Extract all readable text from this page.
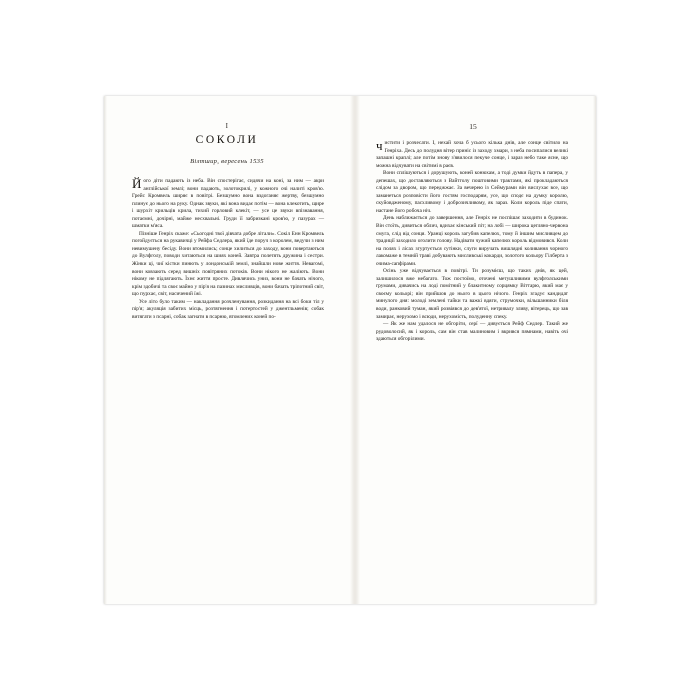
I
СОКОЛИ
Вілтшир, вересень 1535

Його діти падають із неба. Він спостерігає, сидячи на коні, за ним — акри англійської землі; вони падають, золотокрилі, у кожного очі налиті кров'ю. Грейс Кромвель ширяє в повітрі. Безшумно вона вздоганяє жертву, безшумно плинує до нього на руку. Однак звуки, які вона видає потім — вона клекотить, щире і шурхіт крильців крила, тихий горловий клекіт, — усе це звуки впізнавання, потаємні, дочірні, майже несхвальні. Груди її забризкані кров'ю, у пазурах — шматки м'яса.

Пізніше Генріх скаже: «Сьогодні твої дівчата добре літали». Сокіл Енн Кромвель погойдується на рукавичці у Рейфа Седлера, який їде поруч з королем, ведучи з ним невимушену бесіду. Вони втомились; сонце хилиться до заходу, вони повертаються до Вулфголу, поводи хитаються на шиях коней. Завтра полетять дружина і сестри. Жінки ці, чиї кістки пинють у лондонській землі, знайшли нове життя. Невагомі, вони ковзають серед вишніх повітряних потоків. Вони нікого не жаліють. Вони нікому не підлягають. Їхнє життя просте. Дивлячись униз, вони не бачать нічого, крім здобичі та своє майно у пір'я на пазинах мисливців, вони бачать тріпотний світ, що пурхає, світ, насичений їжі.

Усе літо було таким — накладання розчленування, розкидання на всі боки тіл у пір'я; акуляція забитих місць, розтягнення і потертостей у джентльменів; собак витягати з псарні, собак загнати в псарню, втомлених коней по-

15

чистити і розчесати. І, нехай хоча б усього кілька днів, але сонце світило на Генріха. Десь до полудня вітер приніс із заходу хмари, з неба посипалися великі запашні краплі; але потім знову з'явилося пекуче сонце, і зараз небо таке ясне, що можна відчувати на світимі в раєв.

Вони сплішуються і дорушують, коней конюхам, а тоді думки йдуть в папера, у депешах, що доставляються з Вайтголу поштовими трактами, які прокладаються слідом за двором, що переджжає. За вечерею із Сеймурами він вислухає все, що заманеться розповісти його гостям господарям, усе, що сподє на думку королю, скуйовдженому, пасхливому і доброзичливому, як зараз. Коли король піде спати, настане його робоча ніч.

День наближається до завершення, але Генріх не поспішає заходити в будинок. Він стоїть, дивиться облич, вдихає кінський піт; на лобі — широка цегляно-червона смуга, слід від сонця. Уранці король загубив капелюх, тому й іншим мисливцем до традиції заходило оголити голову. Надівати чужий капелюх король відмовився. Коли на полях і лісах згуртується сутінки, слуги виручать вишлядні коливання чорного лакомаже в темній траві добувають мисливські кокарди, золотого кольору Гілберта з очима-сапфірами.

Осінь уже відчувається в повітрі. Ти розумієш, що таких днів, як цей, залишилося вже небагато. Тож постоїмо, оточені метушливими вулфголськими грумами, дивачись на лоді помітний у блакитному сорцямку Віттарю, який має у своєму кольорі; він прийшов до нього в цього нічого. Генріх згадує кандидат минулого дня: молоді землені тайки та важкі вдяги, струмочки, вільшанники біля води, ранковий туман, який розвіявся до дев'ятої, нетривалу зливу, вітерець, що зав замирає, нерухомо і всюди, нерухомість, полуденну спеку.

— Як же нам удалося не обгоріти, серї — дивується Рейф Седлер. Такий же рудоволосий, як і король, сам він став малиновим і вкрився пямнами, навіть очі здаються обгорілими.
